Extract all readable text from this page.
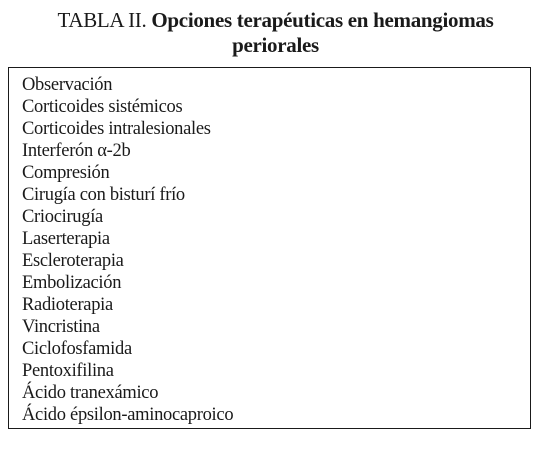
TABLA II. Opciones terapéuticas en hemangiomas
periorales
Observación
Corticoides sistémicos
Corticoides intralesionales
Interferón α-2b
Compresión
Cirugía con bisturí frío
Criocirugía
Laserterapia
Escleroterapia
Embolización
Radioterapia
Vincristina
Ciclofosfamida
Pentoxifilina
Ácido tranexámico
Ácido épsilon-aminocaproico
